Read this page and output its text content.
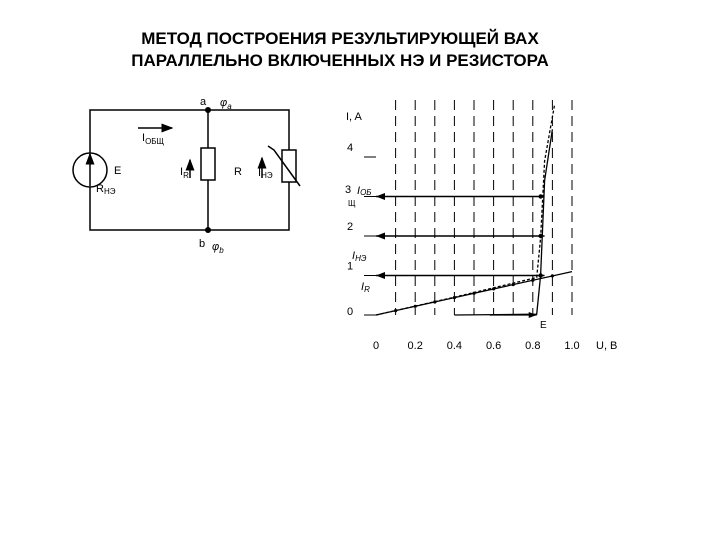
МЕТОД ПОСТРОЕНИЯ РЕЗУЛЬТИРУЮЩЕЙ ВАХ
ПАРАЛЛЕЛЬНО ВКЛЮЧЕННЫХ НЭ И РЕЗИСТОРА
a $\varphi_a$
$I_{ОБЩ}$
E
RНЭ
$I_R$	R IНЭ
b $\varphi_b$
I, A
U, В
3 IОБ
Щ
IНЭ
IR
E
0	0.2 0.4 0.6 0.8 1.0
0
1
2
4
